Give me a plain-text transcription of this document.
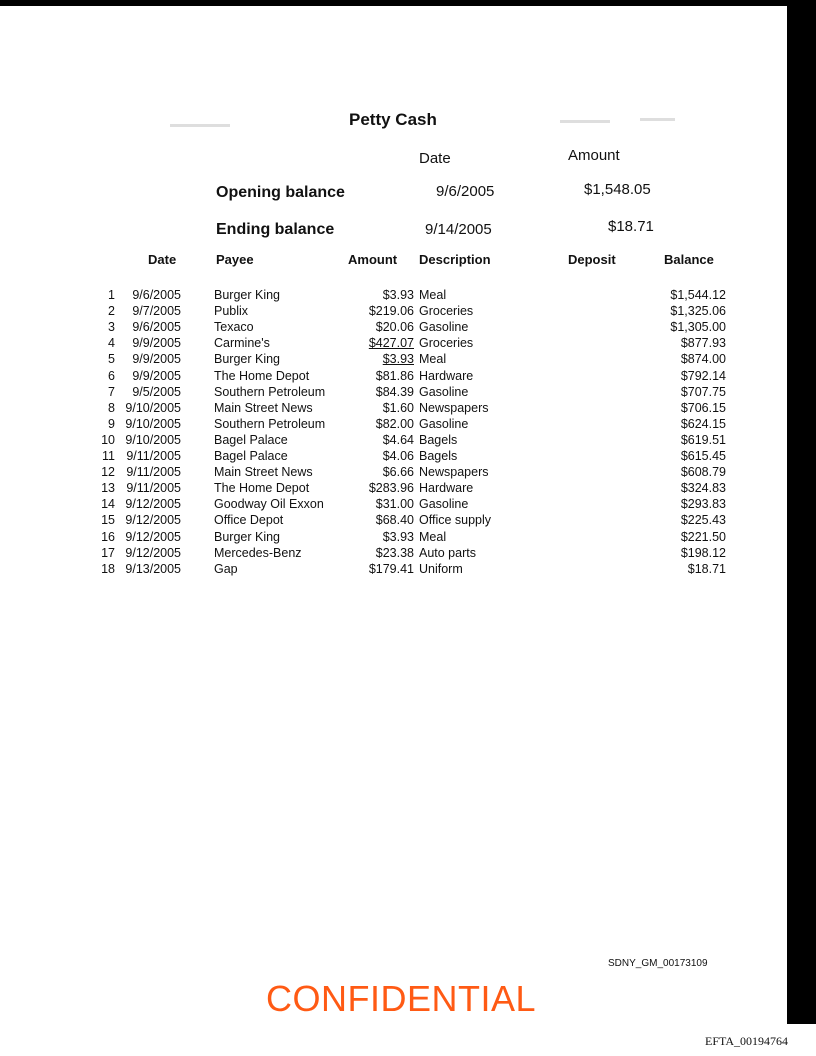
Petty Cash
Date	Amount
Opening balance	9/6/2005	$1,548.05
Ending balance	9/14/2005	$18.71
Date	Payee	Amount Description	Deposit	Balance
1 9/6/2005	Burger King	$3.93 Meal	$1,544.12
2 9/7/2005	Publix	$219.06 Groceries	$1,325.06
3 9/6/2005	Texaco	$20.06 Gasoline	$1,305.00
4 9/9/2005	Carmine's	$427.07 Groceries	$877.93
5 9/9/2005	Burger King	$3.93 Meal	$874.00
6 9/9/2005	The Home Depot	$81.86 Hardware	$792.14
7 9/5/2005	Southern Petroleum	$84.39 Gasoline	$707.75
8 9/10/2005	Main Street News	$1.60 Newspapers	$706.15
9 9/10/2005	Southern Petroleum	$82.00 Gasoline	$624.15
10 9/10/2005	Bagel Palace	$4.64 Bagels	$619.51
11 9/11/2005	Bagel Palace	$4.06 Bagels	$615.45
12 9/11/2005	Main Street News	$6.66 Newspapers	$608.79
13 9/11/2005	The Home Depot	$283.96 Hardware	$324.83
14 9/12/2005	Goodway Oil Exxon	$31.00 Gasoline	$293.83
15 9/12/2005	Office Depot	$68.40 Office supply	$225.43
16 9/12/2005	Burger King	$3.93 Meal	$221.50
17 9/12/2005	Mercedes-Benz	$23.38 Auto parts	$198.12
18 9/13/2005	Gap	$179.41 Uniform	$18.71
SDNY_GM_00173109
CONFIDENTIAL
EFTA_00194764
